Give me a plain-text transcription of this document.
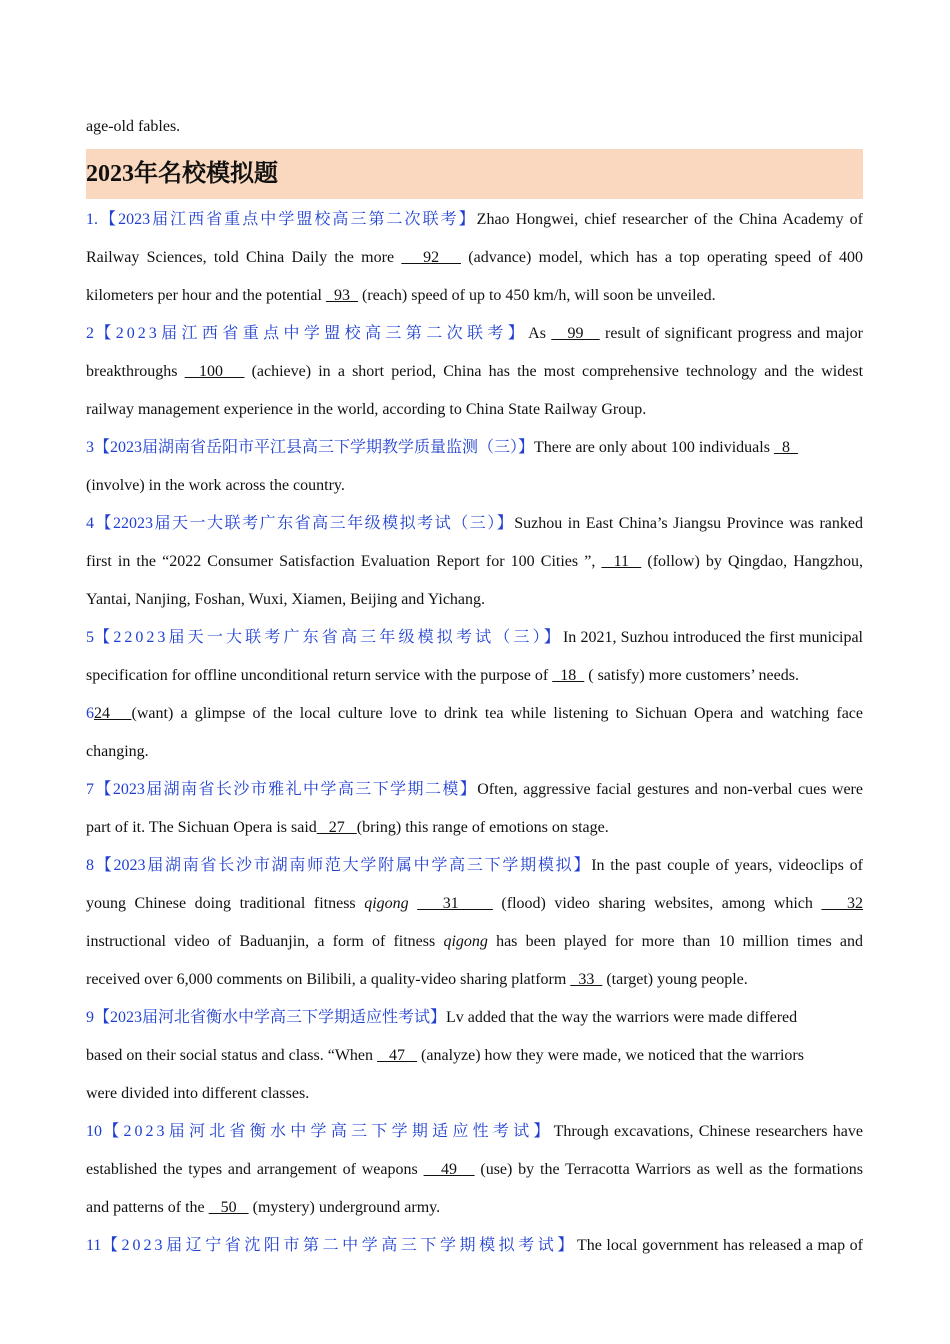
age-old fables.

2023年名校模拟题

1.【2023届江西省重点中学盟校高三第二次联考】Zhao Hongwei, chief researcher of the China Academy of

Railway Sciences, told China Daily the more    92    (advance) model, which has a top operating speed of 400

kilometers per hour and the potential   93   (reach) speed of up to 450 km/h, will soon be unveiled.

2【2023届江西省重点中学盟校高三第二次联考】As    99    result of significant progress and major

breakthroughs   100    (achieve) in a short period, China has the most comprehensive technology and the widest

railway management experience in the world, according to China State Railway Group.

3【2023届湖南省岳阳市平江县高三下学期教学质量监测（三）】There are only about 100 individuals   8

(involve) in the work across the country.

4【22023届天一大联考广东省高三年级模拟考试（三）】Suzhou in East China’s Jiangsu Province was ranked

first in the “2022 Consumer Satisfaction Evaluation Report for 100 Cities ”,   11   (follow) by Qingdao, Hangzhou,

Yantai, Nanjing, Foshan, Wuxi, Xiamen, Beijing and Yichang.

5【22023届天一大联考广东省高三年级模拟考试（三）】In 2021, Suzhou introduced the first municipal

specification for offline unconditional return service with the purpose of   18   ( satisfy) more customers’ needs.

624   (want) a glimpse of the local culture love to drink tea while listening to Sichuan Opera and watching face

changing.

7【2023届湖南省长沙市雅礼中学高三下学期二模】Often, aggressive facial gestures and non-verbal cues were

part of it. The Sichuan Opera is said   27   (bring) this range of emotions on stage.

8【2023届湖南省长沙市湖南师范大学附属中学高三下学期模拟】In the past couple of years, videoclips of

young Chinese doing traditional fitness qigong    31     (flood) video sharing websites, among which    32

instructional video of Baduanjin, a form of fitness qigong has been played for more than 10 million times and

received over 6,000 comments on Bilibili, a quality-video sharing platform   33   (target) young people.

9【2023届河北省衡水中学高三下学期适应性考试】Lv added that the way the warriors were made differed

based on their social status and class. “When    47    (analyze) how they were made, we noticed that the warriors

were divided into different classes.

10【2023届河北省衡水中学高三下学期适应性考试】Through excavations, Chinese researchers have

established the types and arrangement of weapons    49    (use) by the Terracotta Warriors as well as the formations

and patterns of the    50    (mystery) underground army.

11【2023届辽宁省沈阳市第二中学高三下学期模拟考试】The local government has released a map of
